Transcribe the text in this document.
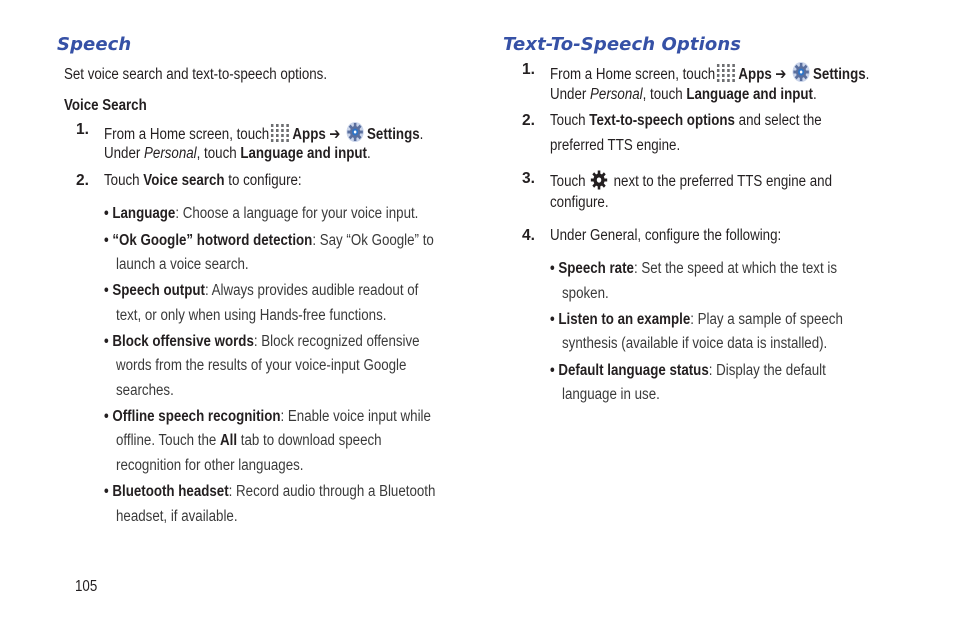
Speech
Set voice search and text-to-speech options.
Voice Search
1. From a Home screen, touch Apps ➔ Settings.
Under Personal, touch Language and input.
2. Touch Voice search to configure:
• Language: Choose a language for your voice input.
• “Ok Google” hotword detection: Say “Ok Google” to
launch a voice search.
• Speech output: Always provides audible readout of
text, or only when using Hands-free functions.
• Block offensive words: Block recognized offensive
words from the results of your voice-input Google
searches.
• Offline speech recognition: Enable voice input while
offline. Touch the All tab to download speech
recognition for other languages.
• Bluetooth headset: Record audio through a Bluetooth
headset, if available.
Text-To-Speech Options
1. From a Home screen, touch Apps ➔ Settings.
Under Personal, touch Language and input.
2. Touch Text-to-speech options and select the
preferred TTS engine.
3. Touch next to the preferred TTS engine and
configure.
4. Under General, configure the following:
• Speech rate: Set the speed at which the text is
spoken.
• Listen to an example: Play a sample of speech
synthesis (available if voice data is installed).
• Default language status: Display the default
language in use.
105
